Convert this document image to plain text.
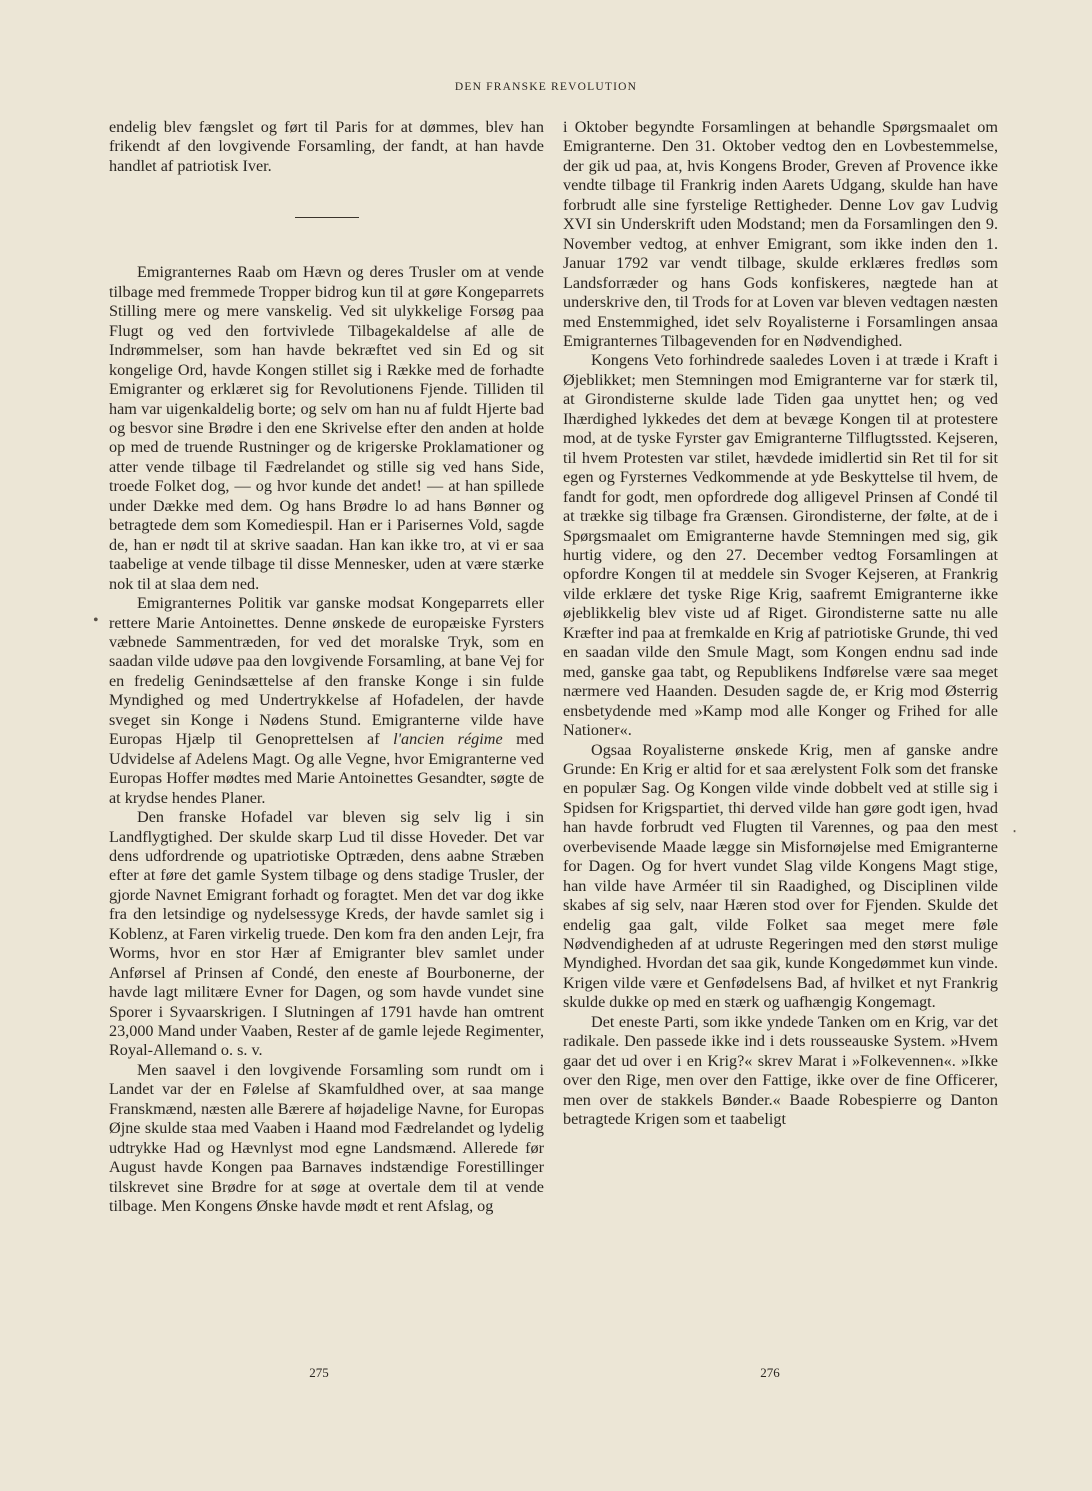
DEN FRANSKE REVOLUTION

endelig blev fængslet og ført til Paris for at dømmes, blev han frikendt af den lovgivende Forsamling, der fandt, at han havde handlet af patriotisk Iver.

Emigranternes Raab om Hævn og deres Trusler om at vende tilbage med fremmede Tropper bidrog kun til at gøre Kongeparrets Stilling mere og mere vanskelig. Ved sit ulykkelige Forsøg paa Flugt og ved den fortvivlede Tilbagekaldelse af alle de Indrømmelser, som han havde bekræftet ved sin Ed og sit kongelige Ord, havde Kongen stillet sig i Række med de forhadte Emigranter og erklæret sig for Revolutionens Fjende. Tilliden til ham var uigenkaldelig borte; og selv om han nu af fuldt Hjerte bad og besvor sine Brødre i den ene Skrivelse efter den anden at holde op med de truende Rustninger og de krigerske Proklamationer og atter vende tilbage til Fædrelandet og stille sig ved hans Side, troede Folket dog, — og hvor kunde det andet! — at han spillede under Dække med dem. Og hans Brødre lo ad hans Bønner og betragtede dem som Komediespil. Han er i Parisernes Vold, sagde de, han er nødt til at skrive saadan. Han kan ikke tro, at vi er saa taabelige at vende tilbage til disse Mennesker, uden at være stærke nok til at slaa dem ned.

Emigranternes Politik var ganske modsat Kongeparrets eller rettere Marie Antoinettes. Denne ønskede de europæiske Fyrsters væbnede Sammentræden, for ved det moralske Tryk, som en saadan vilde udøve paa den lovgivende Forsamling, at bane Vej for en fredelig Genindsættelse af den franske Konge i sin fulde Myndighed og med Undertrykkelse af Hofadelen, der havde sveget sin Konge i Nødens Stund. Emigranterne vilde have Europas Hjælp til Genoprettelsen af l'ancien régime med Udvidelse af Adelens Magt. Og alle Vegne, hvor Emigranterne ved Europas Hoffer mødtes med Marie Antoinettes Gesandter, søgte de at krydse hendes Planer.

Den franske Hofadel var bleven sig selv lig i sin Landflygtighed. Der skulde skarp Lud til disse Hoveder. Det var dens udfordrende og upatriotiske Optræden, dens aabne Stræben efter at føre det gamle System tilbage og dens stadige Trusler, der gjorde Navnet Emigrant forhadt og foragtet. Men det var dog ikke fra den letsindige og nydelsessyge Kreds, der havde samlet sig i Koblenz, at Faren virkelig truede. Den kom fra den anden Lejr, fra Worms, hvor en stor Hær af Emigranter blev samlet under Anførsel af Prinsen af Condé, den eneste af Bourbonerne, der havde lagt militære Evner for Dagen, og som havde vundet sine Sporer i Syvaarskrigen. I Slutningen af 1791 havde han omtrent 23,000 Mand under Vaaben, Rester af de gamle lejede Regimenter, Royal-Allemand o. s. v.

Men saavel i den lovgivende Forsamling som rundt om i Landet var der en Følelse af Skamfuldhed over, at saa mange Franskmænd, næsten alle Bærere af højadelige Navne, for Europas Øjne skulde staa med Vaaben i Haand mod Fædrelandet og lydelig udtrykke Had og Hævnlyst mod egne Landsmænd. Allerede før August havde Kongen paa Barnaves indstændige Forestillinger tilskrevet sine Brødre for at søge at overtale dem til at vende tilbage. Men Kongens Ønske havde mødt et rent Afslag, og

i Oktober begyndte Forsamlingen at behandle Spørgsmaalet om Emigranterne. Den 31. Oktober vedtog den en Lovbestemmelse, der gik ud paa, at, hvis Kongens Broder, Greven af Provence ikke vendte tilbage til Frankrig inden Aarets Udgang, skulde han have forbrudt alle sine fyrstelige Rettigheder. Denne Lov gav Ludvig XVI sin Underskrift uden Modstand; men da Forsamlingen den 9. November vedtog, at enhver Emigrant, som ikke inden den 1. Januar 1792 var vendt tilbage, skulde erklæres fredløs som Landsforræder og hans Gods konfiskeres, nægtede han at underskrive den, til Trods for at Loven var bleven vedtagen næsten med Enstemmighed, idet selv Royalisterne i Forsamlingen ansaa Emigranternes Tilbagevenden for en Nødvendighed.

Kongens Veto forhindrede saaledes Loven i at træde i Kraft i Øjeblikket; men Stemningen mod Emigranterne var for stærk til, at Girondisterne skulde lade Tiden gaa unyttet hen; og ved Ihærdighed lykkedes det dem at bevæge Kongen til at protestere mod, at de tyske Fyrster gav Emigranterne Tilflugtssted. Kejseren, til hvem Protesten var stilet, hævdede imidlertid sin Ret til for sit egen og Fyrsternes Vedkommende at yde Beskyttelse til hvem, de fandt for godt, men opfordrede dog alligevel Prinsen af Condé til at trække sig tilbage fra Grænsen. Girondisterne, der følte, at de i Spørgsmaalet om Emigranterne havde Stemningen med sig, gik hurtig videre, og den 27. December vedtog Forsamlingen at opfordre Kongen til at meddele sin Svoger Kejseren, at Frankrig vilde erklære det tyske Rige Krig, saafremt Emigranterne ikke øjeblikkelig blev viste ud af Riget. Girondisterne satte nu alle Kræfter ind paa at fremkalde en Krig af patriotiske Grunde, thi ved en saadan vilde den Smule Magt, som Kongen endnu sad inde med, ganske gaa tabt, og Republikens Indførelse være saa meget nærmere ved Haanden. Desuden sagde de, er Krig mod Østerrig ensbetydende med »Kamp mod alle Konger og Frihed for alle Nationer«.

Ogsaa Royalisterne ønskede Krig, men af ganske andre Grunde: En Krig er altid for et saa ærelystent Folk som det franske en populær Sag. Og Kongen vilde vinde dobbelt ved at stille sig i Spidsen for Krigspartiet, thi derved vilde han gøre godt igen, hvad han havde forbrudt ved Flugten til Varennes, og paa den mest overbevisende Maade lægge sin Misfornøjelse med Emigranterne for Dagen. Og for hvert vundet Slag vilde Kongens Magt stige, han vilde have Arméer til sin Raadighed, og Disciplinen vilde skabes af sig selv, naar Hæren stod over for Fjenden. Skulde det endelig gaa galt, vilde Folket saa meget mere føle Nødvendigheden af at udruste Regeringen med den størst mulige Myndighed. Hvordan det saa gik, kunde Kongedømmet kun vinde. Krigen vilde være et Genfødelsens Bad, af hvilket et nyt Frankrig skulde dukke op med en stærk og uafhængig Kongemagt.

Det eneste Parti, som ikke yndede Tanken om en Krig, var det radikale. Den passede ikke ind i dets rousseauske System. »Hvem gaar det ud over i en Krig?« skrev Marat i »Folkevennen«. »Ikke over den Rige, men over den Fattige, ikke over de fine Officerer, men over de stakkels Bønder.« Baade Robespierre og Danton betragtede Krigen som et taabeligt

275	276
•
‧
